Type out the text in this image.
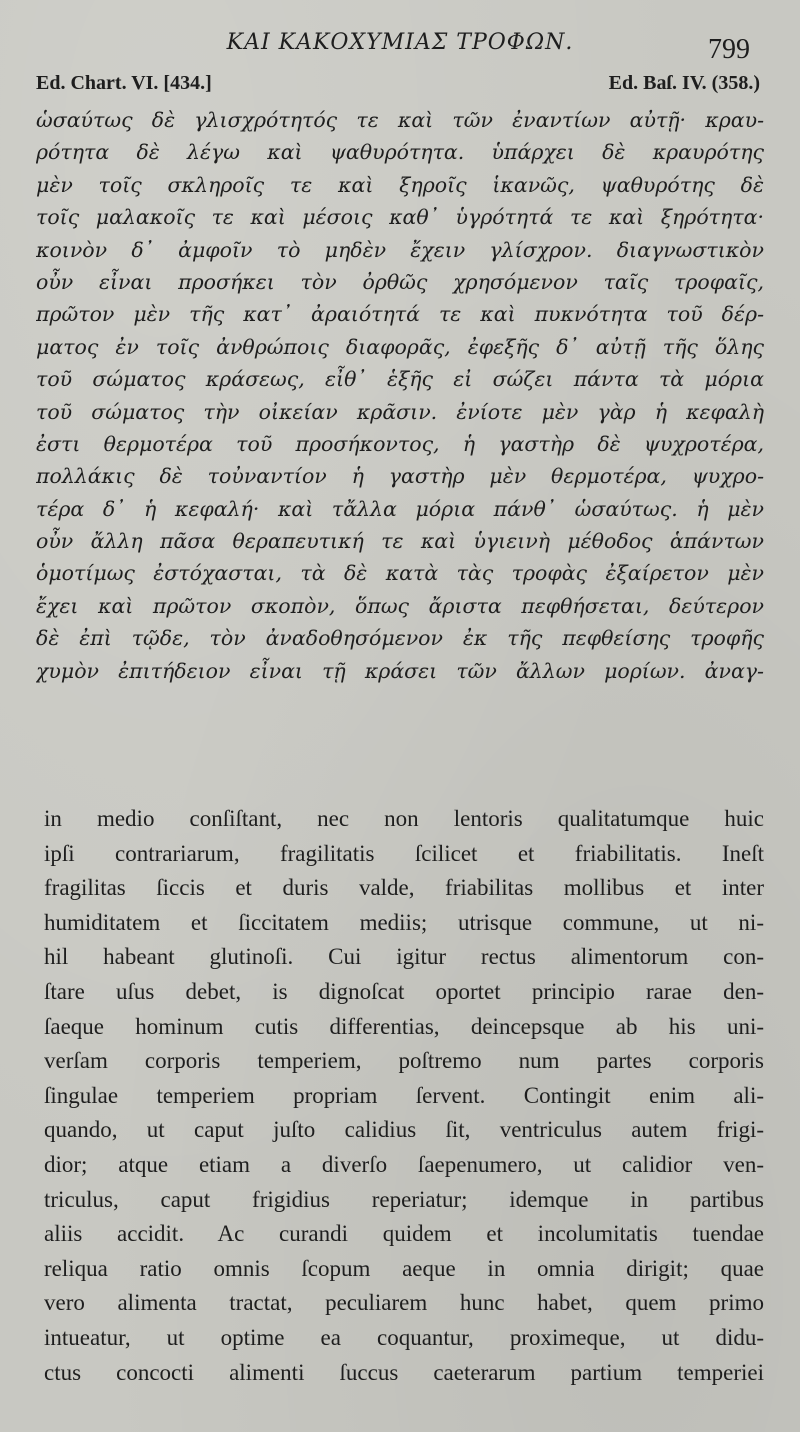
ΚΑΙ ΚΑΚΟΧΥΜΙΑΣ ΤΡΟΦΩΝ.	799
Ed. Chart. VI. [434.]	Ed. Baſ. IV. (358.)
ὡσαύτως δὲ γλισχρότητός τε καὶ τῶν ἐναντίων αὐτῇ· κραυ-
ρότητα δὲ λέγω καὶ ψαθυρότητα. ὑπάρχει δὲ κραυρότης
μὲν τοῖς σκληροῖς τε καὶ ξηροῖς ἱκανῶς, ψαθυρότης δὲ
τοῖς μαλακοῖς τε καὶ μέσοις καθ᾽ ὑγρότητά τε καὶ ξηρότητα·
κοινὸν δ᾽ ἀμφοῖν τὸ μηδὲν ἔχειν γλίσχρον. διαγνωστικὸν
οὖν εἶναι προσήκει τὸν ὀρθῶς χρησόμενον ταῖς τροφαῖς,
πρῶτον μὲν τῆς κατ᾽ ἀραιότητά τε καὶ πυκνότητα τοῦ δέρ-
ματος ἐν τοῖς ἀνθρώποις διαφορᾶς, ἐφεξῆς δ᾽ αὐτῇ τῆς ὅλης
τοῦ σώματος κράσεως, εἶθ᾽ ἑξῆς εἰ σώζει πάντα τὰ μόρια
τοῦ σώματος τὴν οἰκείαν κρᾶσιν. ἐνίοτε μὲν γὰρ ἡ κεφαλὴ
ἐστι θερμοτέρα τοῦ προσήκοντος, ἡ γαστὴρ δὲ ψυχροτέρα,
πολλάκις δὲ τοὐναντίον ἡ γαστὴρ μὲν θερμοτέρα, ψυχρο-
τέρα δ᾽ ἡ κεφαλή· καὶ τἄλλα μόρια πάνθ᾽ ὡσαύτως. ἡ μὲν
οὖν ἄλλη πᾶσα θεραπευτική τε καὶ ὑγιεινὴ μέθοδος ἁπάντων
ὁμοτίμως ἐστόχασται, τὰ δὲ κατὰ τὰς τροφὰς ἐξαίρετον μὲν
ἔχει καὶ πρῶτον σκοπὸν, ὅπως ἄριστα πεφθήσεται, δεύτερον
δὲ ἐπὶ τῷδε, τὸν ἀναδοθησόμενον ἐκ τῆς πεφθείσης τροφῆς
χυμὸν ἐπιτήδειον εἶναι τῇ κράσει τῶν ἄλλων μορίων. ἀναγ-
in medio conſiſtant, nec non lentoris qualitatumque huic
ipſi contrariarum, fragilitatis ſcilicet et friabilitatis. Ineſt
fragilitas ſiccis et duris valde, friabilitas mollibus et inter
humiditatem et ſiccitatem mediis; utrisque commune, ut ni-
hil habeant glutinoſi. Cui igitur rectus alimentorum con-
ſtare uſus debet, is dignoſcat oportet principio rarae den-
ſaeque hominum cutis differentias, deincepsque ab his uni-
verſam corporis temperiem, poſtremo num partes corporis
ſingulae temperiem propriam ſervent. Contingit enim ali-
quando, ut caput juſto calidius ſit, ventriculus autem frigi-
dior; atque etiam a diverſo ſaepenumero, ut calidior ven-
triculus, caput frigidius reperiatur; idemque in partibus
aliis accidit. Ac curandi quidem et incolumitatis tuendae
reliqua ratio omnis ſcopum aeque in omnia dirigit; quae
vero alimenta tractat, peculiarem hunc habet, quem primo
intueatur, ut optime ea coquantur, proximeque, ut didu-
ctus concocti alimenti ſuccus caeterarum partium temperiei
